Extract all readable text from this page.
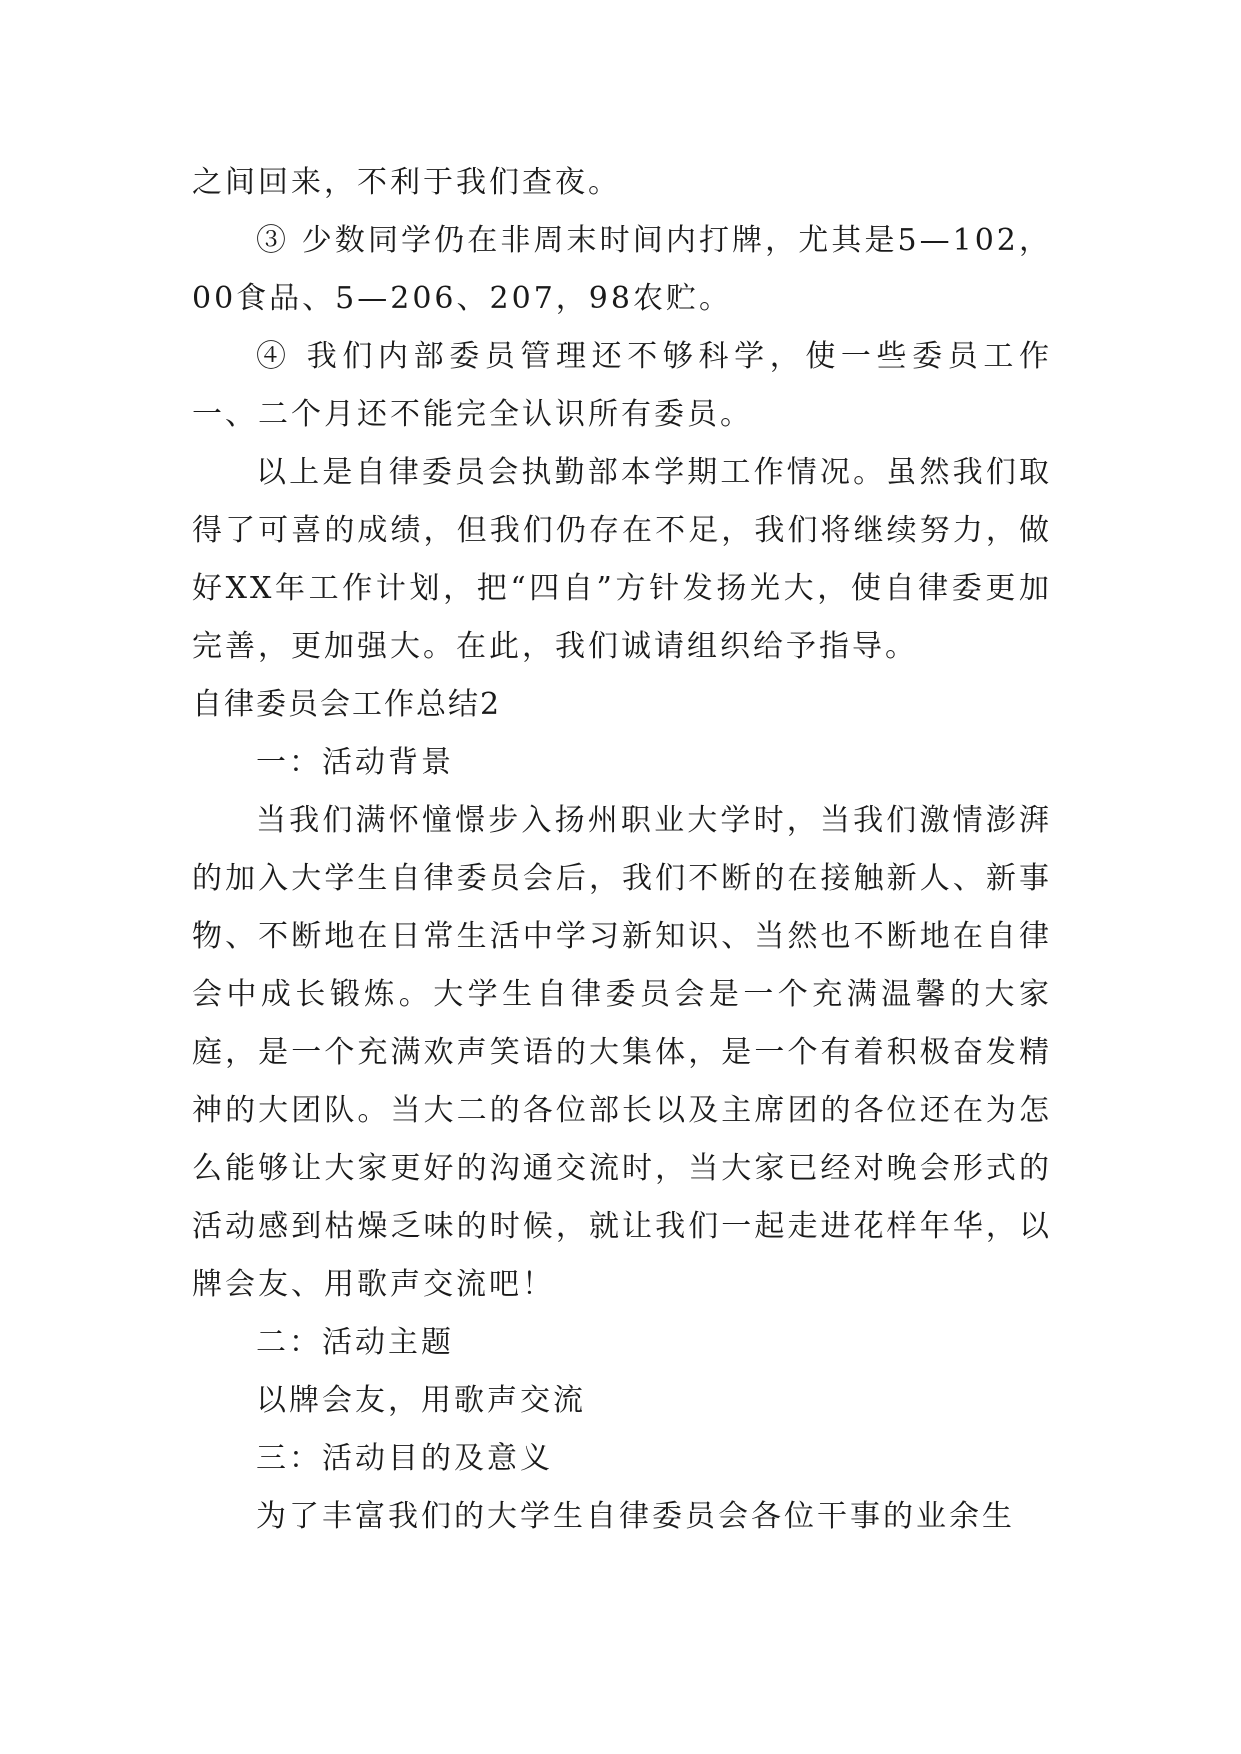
之间回来，不利于我们查夜。

③ 少数同学仍在非周末时间内打牌，尤其是5—102，00食品、5—206、207，98农贮。

④ 我们内部委员管理还不够科学，使一些委员工作一、二个月还不能完全认识所有委员。

以上是自律委员会执勤部本学期工作情况。虽然我们取得了可喜的成绩，但我们仍存在不足，我们将继续努力，做好XX年工作计划，把“四自”方针发扬光大，使自律委更加完善，更加强大。在此，我们诚请组织给予指导。

自律委员会工作总结2

一：活动背景

当我们满怀憧憬步入扬州职业大学时，当我们激情澎湃的加入大学生自律委员会后，我们不断的在接触新人、新事物、不断地在日常生活中学习新知识、当然也不断地在自律会中成长锻炼。大学生自律委员会是一个充满温馨的大家庭，是一个充满欢声笑语的大集体，是一个有着积极奋发精神的大团队。当大二的各位部长以及主席团的各位还在为怎么能够让大家更好的沟通交流时，当大家已经对晚会形式的活动感到枯燥乏味的时候，就让我们一起走进花样年华，以牌会友、用歌声交流吧！

二：活动主题

以牌会友，用歌声交流

三：活动目的及意义

为了丰富我们的大学生自律委员会各位干事的业余生
